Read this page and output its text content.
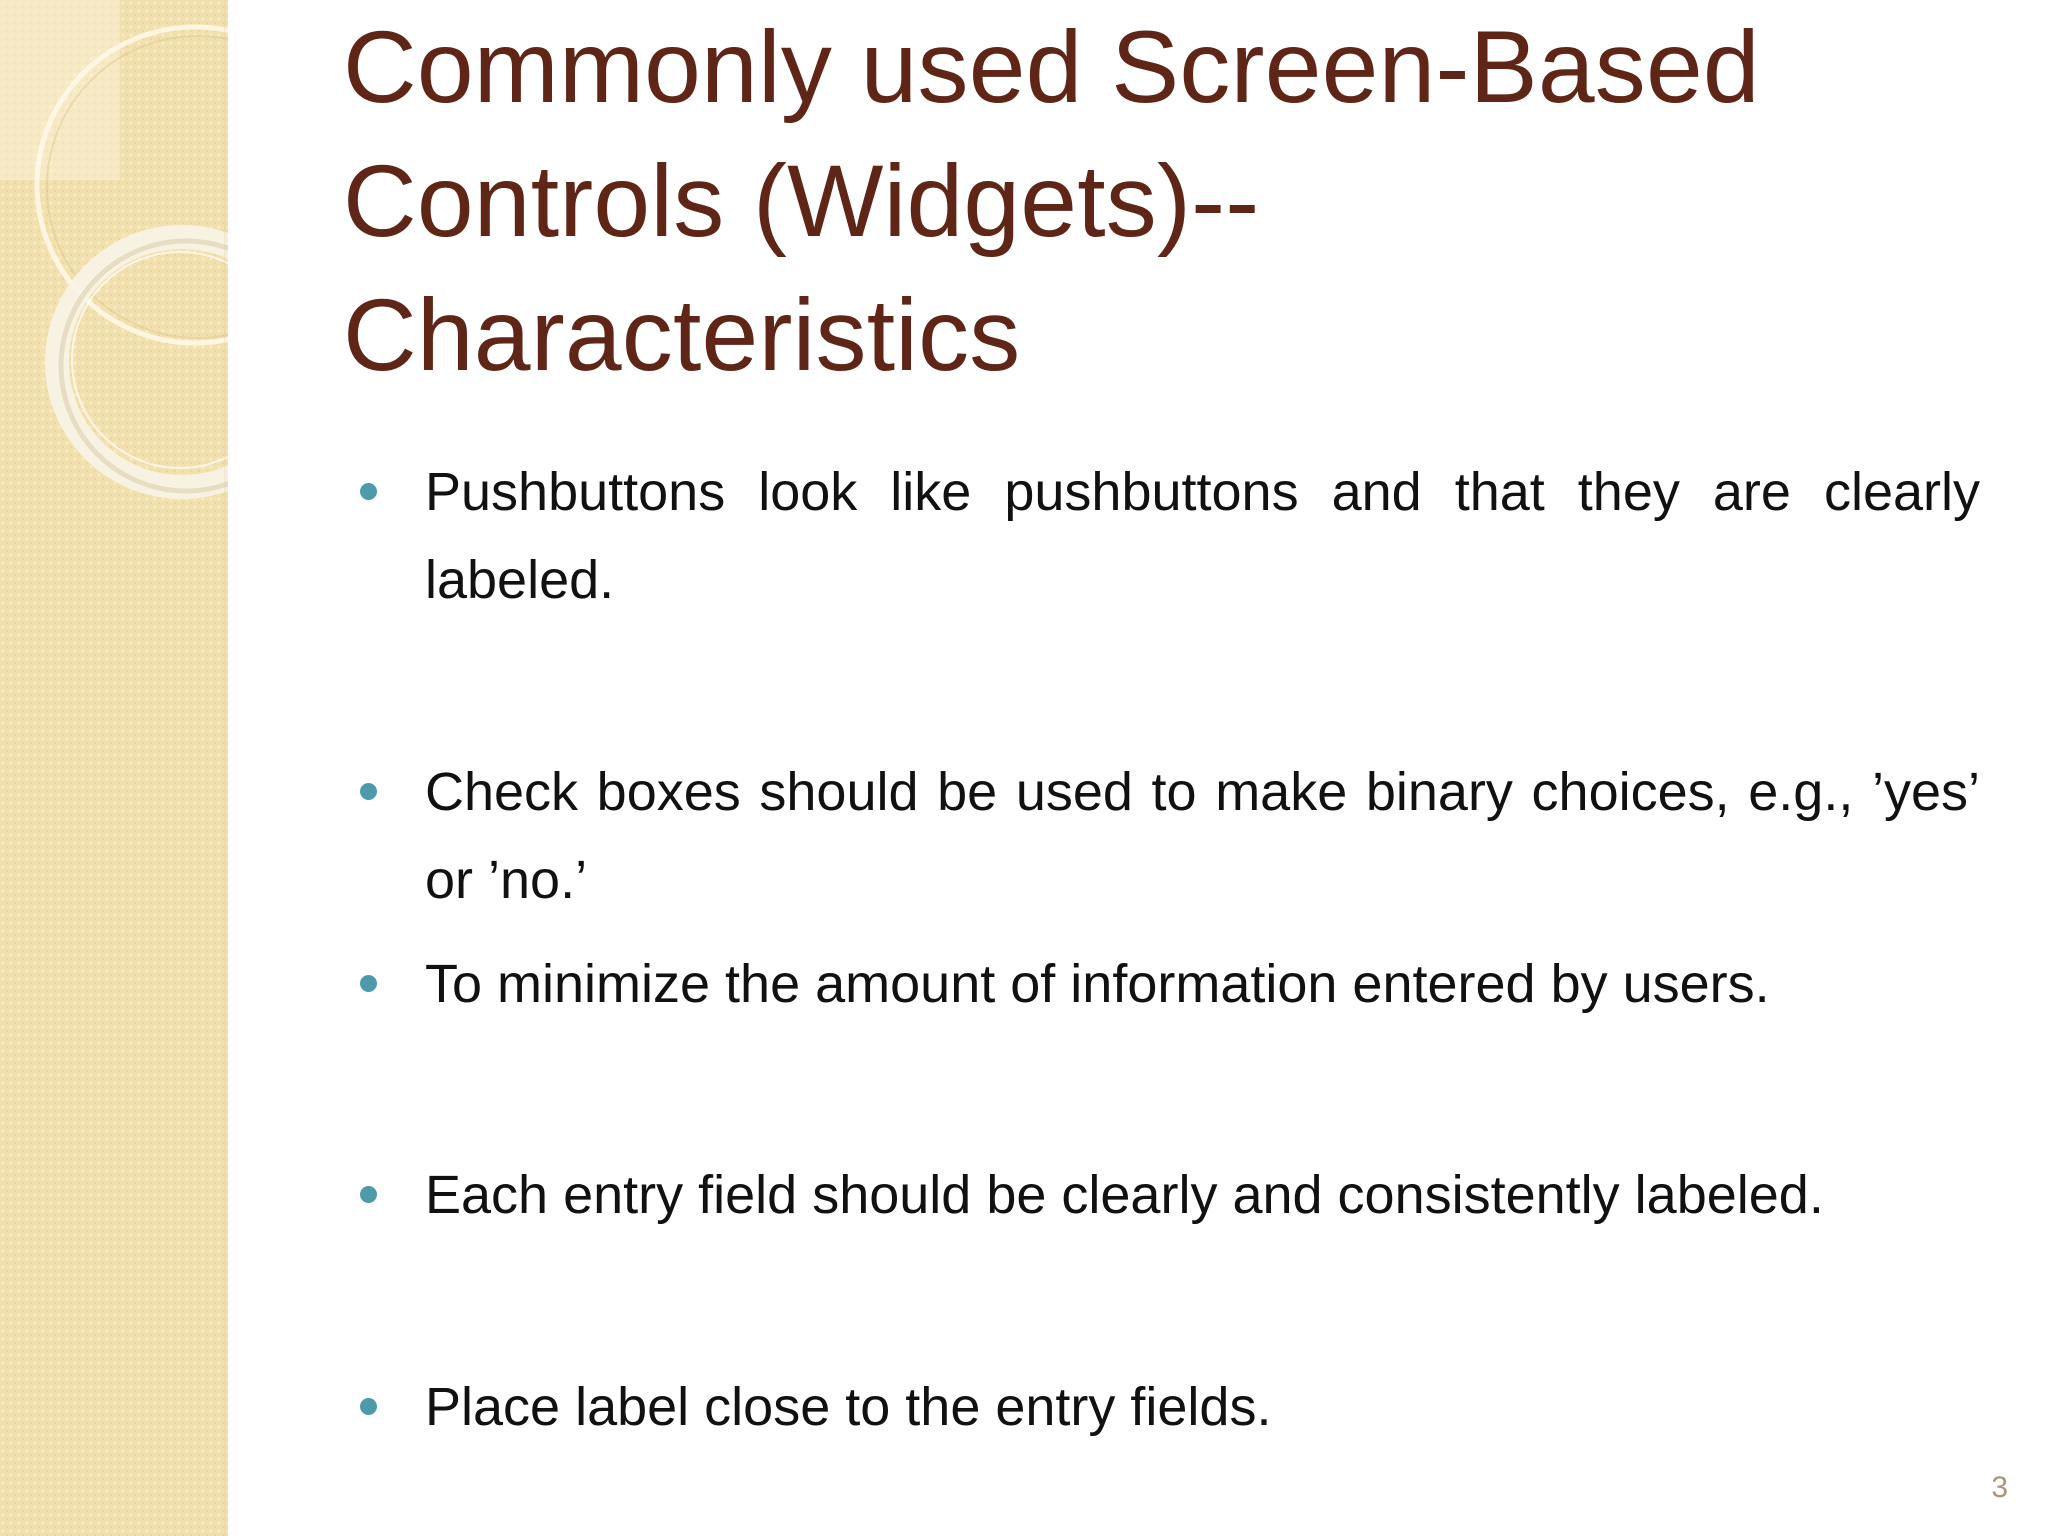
Commonly used Screen-Based
Controls (Widgets)--
Characteristics
Pushbuttons look like pushbuttons and that they are clearly labeled.
Check boxes should be used to make binary choices, e.g., ’yes’ or ’no.’
To minimize the amount of information entered by users.
Each entry field should be clearly and consistently labeled.
Place label close to the entry fields.
3
